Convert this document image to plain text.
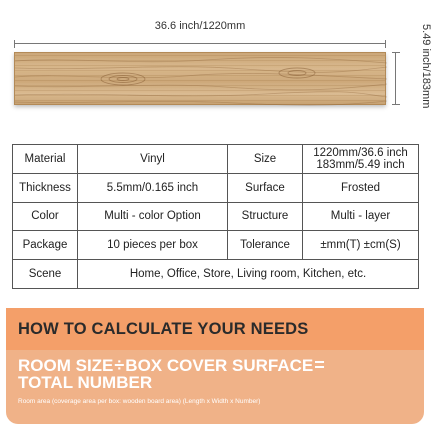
36.6 inch/1220mm	5.49 inch/183mm
Material	Vinyl	Size	1220mm/36.6 inch
183mm/5.49 inch

Thickness	5.5mm/0.165 inch	Surface	Frosted
Color	Multi - color Option	Structure	Multi - layer
Package	10 pieces per box	Tolerance	±mm(T) ±cm(S)
Scene	Home, Office, Store, Living room, Kitchen, etc.		
HOW TO CALCULATE YOUR NEEDS
ROOM SIZE÷BOX COVER SURFACE=
TOTAL NUMBER
Room area (coverage area per box: wooden board area) (Length x Width x Number)
